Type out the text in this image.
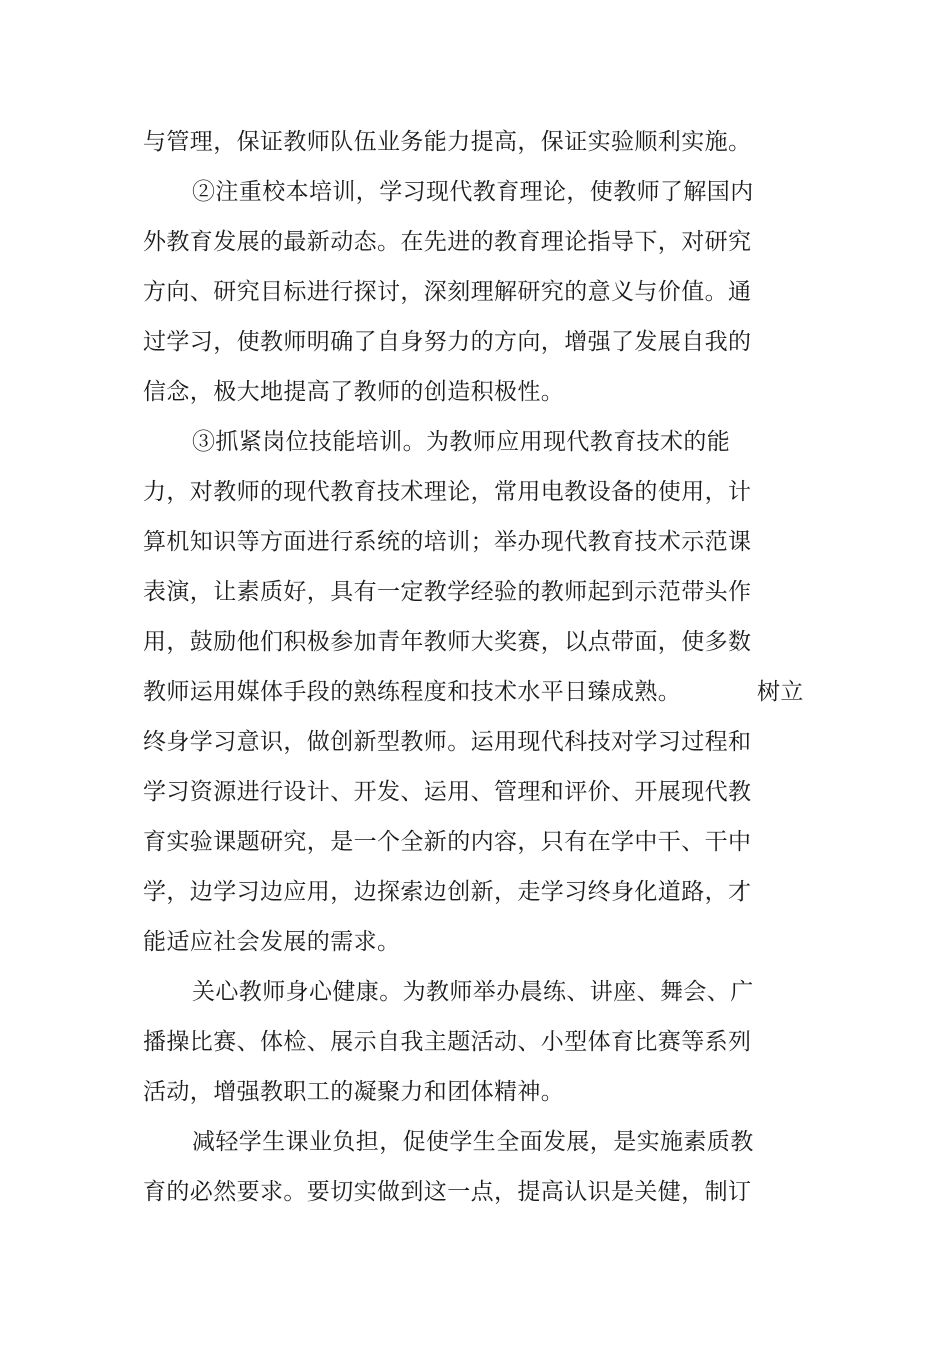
与管理，保证教师队伍业务能力提高，保证实验顺利实施。
②注重校本培训，学习现代教育理论，使教师了解国内
外教育发展的最新动态。在先进的教育理论指导下，对研究
方向、研究目标进行探讨，深刻理解研究的意义与价值。通
过学习，使教师明确了自身努力的方向，增强了发展自我的
信念，极大地提高了教师的创造积极性。
③抓紧岗位技能培训。为教师应用现代教育技术的能
力，对教师的现代教育技术理论，常用电教设备的使用，计
算机知识等方面进行系统的培训；举办现代教育技术示范课
表演，让素质好，具有一定教学经验的教师起到示范带头作
用，鼓励他们积极参加青年教师大奖赛，以点带面，使多数
教师运用媒体手段的熟练程度和技术水平日臻成熟。	树立
终身学习意识，做创新型教师。运用现代科技对学习过程和
学习资源进行设计、开发、运用、管理和评价、开展现代教
育实验课题研究，是一个全新的内容，只有在学中干、干中
学，边学习边应用，边探索边创新，走学习终身化道路，才
能适应社会发展的需求。
关心教师身心健康。为教师举办晨练、讲座、舞会、广
播操比赛、体检、展示自我主题活动、小型体育比赛等系列
活动，增强教职工的凝聚力和团体精神。
减轻学生课业负担，促使学生全面发展，是实施素质教
育的必然要求。要切实做到这一点，提高认识是关健，制订
